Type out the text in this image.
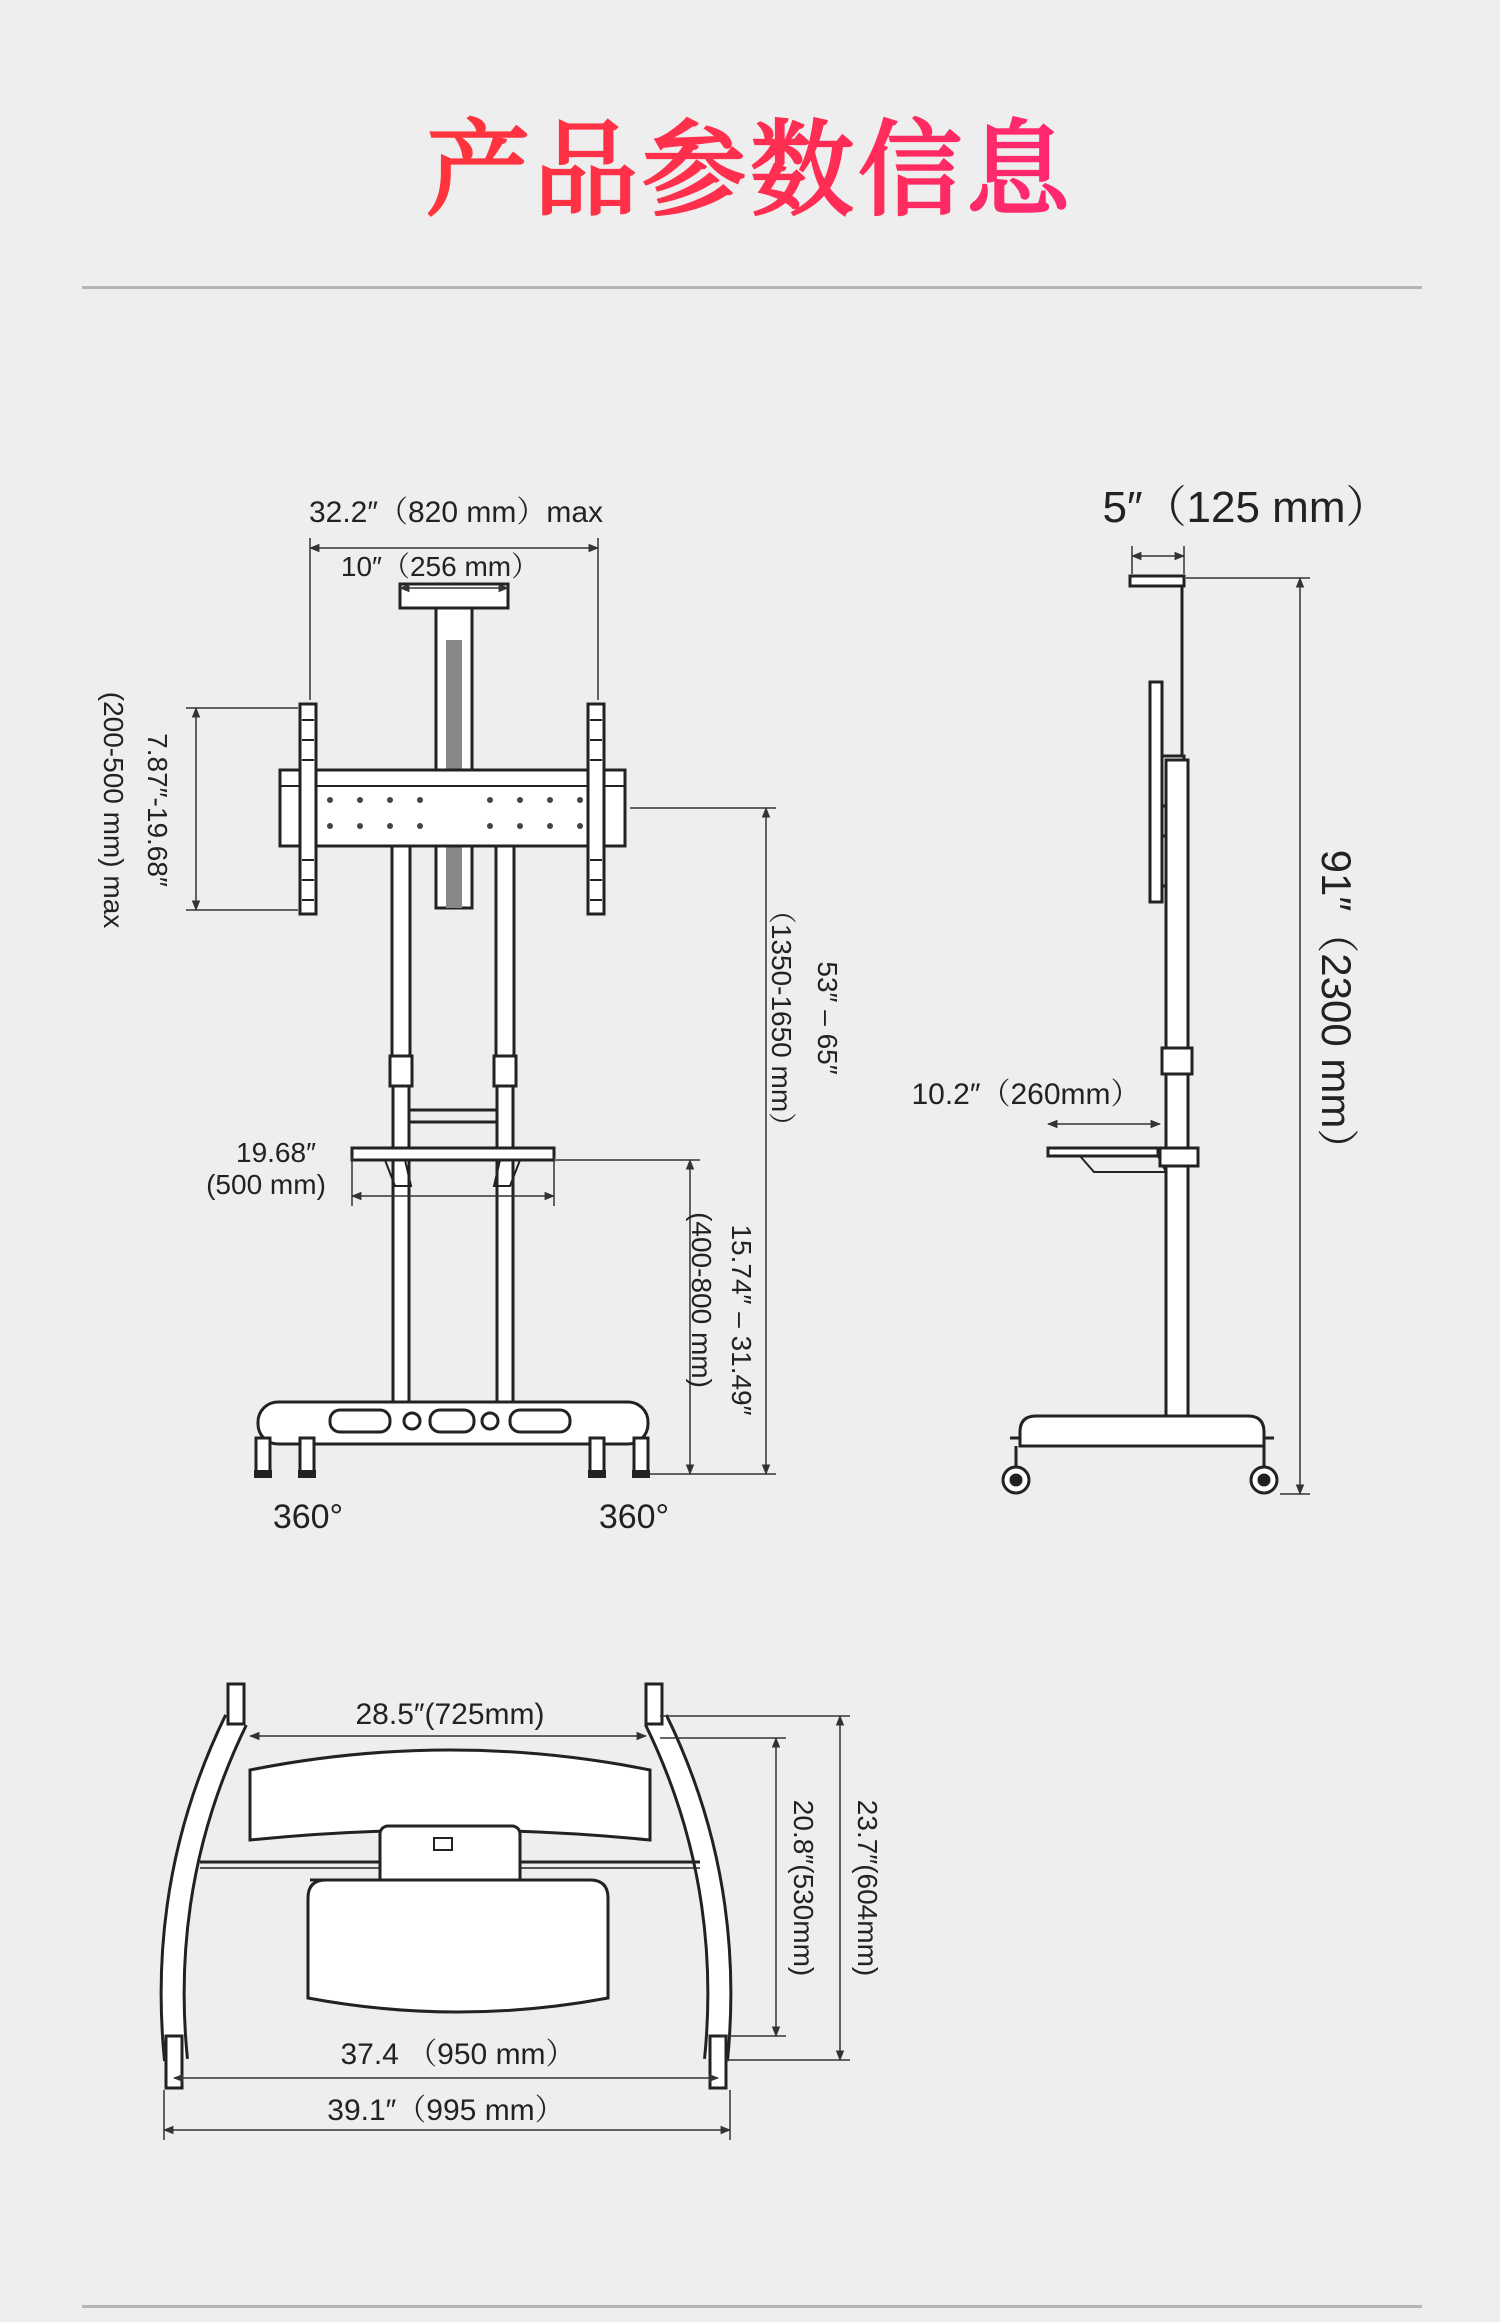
产品参数信息
32.2″（820 mm）max
10″（256 mm）
7.87″-19.68″
(200-500 mm) max
53″ – 65″
（1350-1650 mm）
19.68″
(500 mm)
15.74″ – 31.49″
(400-800 mm)
360°	360°
5″（125 mm）
91″（2300 mm）
10.2″（260mm）
28.5″(725mm)
20.8″(530mm) 23.7″(604mm)
37.4 （950 mm）
39.1″（995 mm）
